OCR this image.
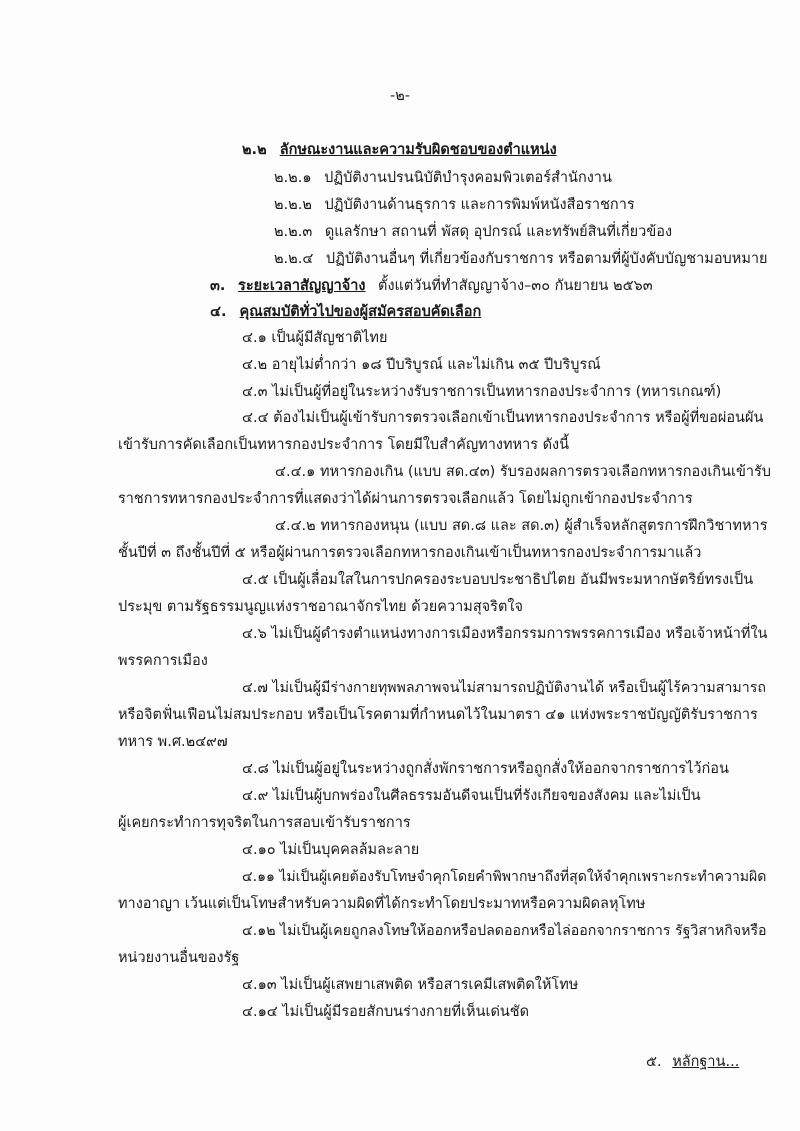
-๒-
๒.๒ ลักษณะงานและความรับผิดชอบของตำแหน่ง
๒.๒.๑ ปฏิบัติงานปรนนิบัติบำรุงคอมพิวเตอร์สำนักงาน
๒.๒.๒ ปฏิบัติงานด้านธุรการ และการพิมพ์หนังสือราชการ
๒.๒.๓ ดูแลรักษา สถานที่ พัสดุ อุปกรณ์ และทรัพย์สินที่เกี่ยวข้อง
๒.๒.๔ ปฏิบัติงานอื่นๆ ที่เกี่ยวข้องกับราชการ หรือตามที่ผู้บังคับบัญชามอบหมาย
๓. ระยะเวลาสัญญาจ้าง ตั้งแต่วันที่ทำสัญญาจ้าง–๓๐ กันยายน ๒๕๖๓
๔. คุณสมบัติทั่วไปของผู้สมัครสอบคัดเลือก
๔.๑ เป็นผู้มีสัญชาติไทย
๔.๒ อายุไม่ต่ำกว่า ๑๘ ปีบริบูรณ์ และไม่เกิน ๓๕ ปีบริบูรณ์
๔.๓ ไม่เป็นผู้ที่อยู่ในระหว่างรับราชการเป็นทหารกองประจำการ (ทหารเกณฑ์)
๔.๔ ต้องไม่เป็นผู้เข้ารับการตรวจเลือกเข้าเป็นทหารกองประจำการ หรือผู้ที่ขอผ่อนผัน
เข้ารับการคัดเลือกเป็นทหารกองประจำการ โดยมีใบสำคัญทางทหาร ดังนี้
๔.๔.๑ ทหารกองเกิน (แบบ สด.๔๓) รับรองผลการตรวจเลือกทหารกองเกินเข้ารับ
ราชการทหารกองประจำการที่แสดงว่าได้ผ่านการตรวจเลือกแล้ว โดยไม่ถูกเข้ากองประจำการ
๔.๔.๒ ทหารกองหนุน (แบบ สด.๘ และ สด.๓) ผู้สำเร็จหลักสูตรการฝึกวิชาทหาร
ชั้นปีที่ ๓ ถึงชั้นปีที่ ๕ หรือผู้ผ่านการตรวจเลือกทหารกองเกินเข้าเป็นทหารกองประจำการมาแล้ว
๔.๕ เป็นผู้เลื่อมใสในการปกครองระบอบประชาธิปไตย อันมีพระมหากษัตริย์ทรงเป็น
ประมุข ตามรัฐธรรมนูญแห่งราชอาณาจักรไทย ด้วยความสุจริตใจ
๔.๖ ไม่เป็นผู้ดำรงตำแหน่งทางการเมืองหรือกรรมการพรรคการเมือง หรือเจ้าหน้าที่ใน
พรรคการเมือง
๔.๗ ไม่เป็นผู้มีร่างกายทุพพลภาพจนไม่สามารถปฏิบัติงานได้ หรือเป็นผู้ไร้ความสามารถ
หรือจิตฟั่นเฟือนไม่สมประกอบ หรือเป็นโรคตามที่กำหนดไว้ในมาตรา ๔๑ แห่งพระราชบัญญัติรับราชการ
ทหาร พ.ศ.๒๔๙๗
๔.๘ ไม่เป็นผู้อยู่ในระหว่างถูกสั่งพักราชการหรือถูกสั่งให้ออกจากราชการไว้ก่อน
๔.๙ ไม่เป็นผู้บกพร่องในศีลธรรมอันดีจนเป็นที่รังเกียจของสังคม และไม่เป็น
ผู้เคยกระทำการทุจริตในการสอบเข้ารับราชการ
๔.๑๐ ไม่เป็นบุคคลล้มละลาย
๔.๑๑ ไม่เป็นผู้เคยต้องรับโทษจำคุกโดยคำพิพากษาถึงที่สุดให้จำคุกเพราะกระทำความผิด
ทางอาญา เว้นแต่เป็นโทษสำหรับความผิดที่ได้กระทำโดยประมาทหรือความผิดลหุโทษ
๔.๑๒ ไม่เป็นผู้เคยถูกลงโทษให้ออกหรือปลดออกหรือไล่ออกจากราชการ รัฐวิสาหกิจหรือ
หน่วยงานอื่นของรัฐ
๔.๑๓ ไม่เป็นผู้เสพยาเสพติด หรือสารเคมีเสพติดให้โทษ
๔.๑๔ ไม่เป็นผู้มีรอยสักบนร่างกายที่เห็นเด่นชัด
๕. หลักฐาน...
